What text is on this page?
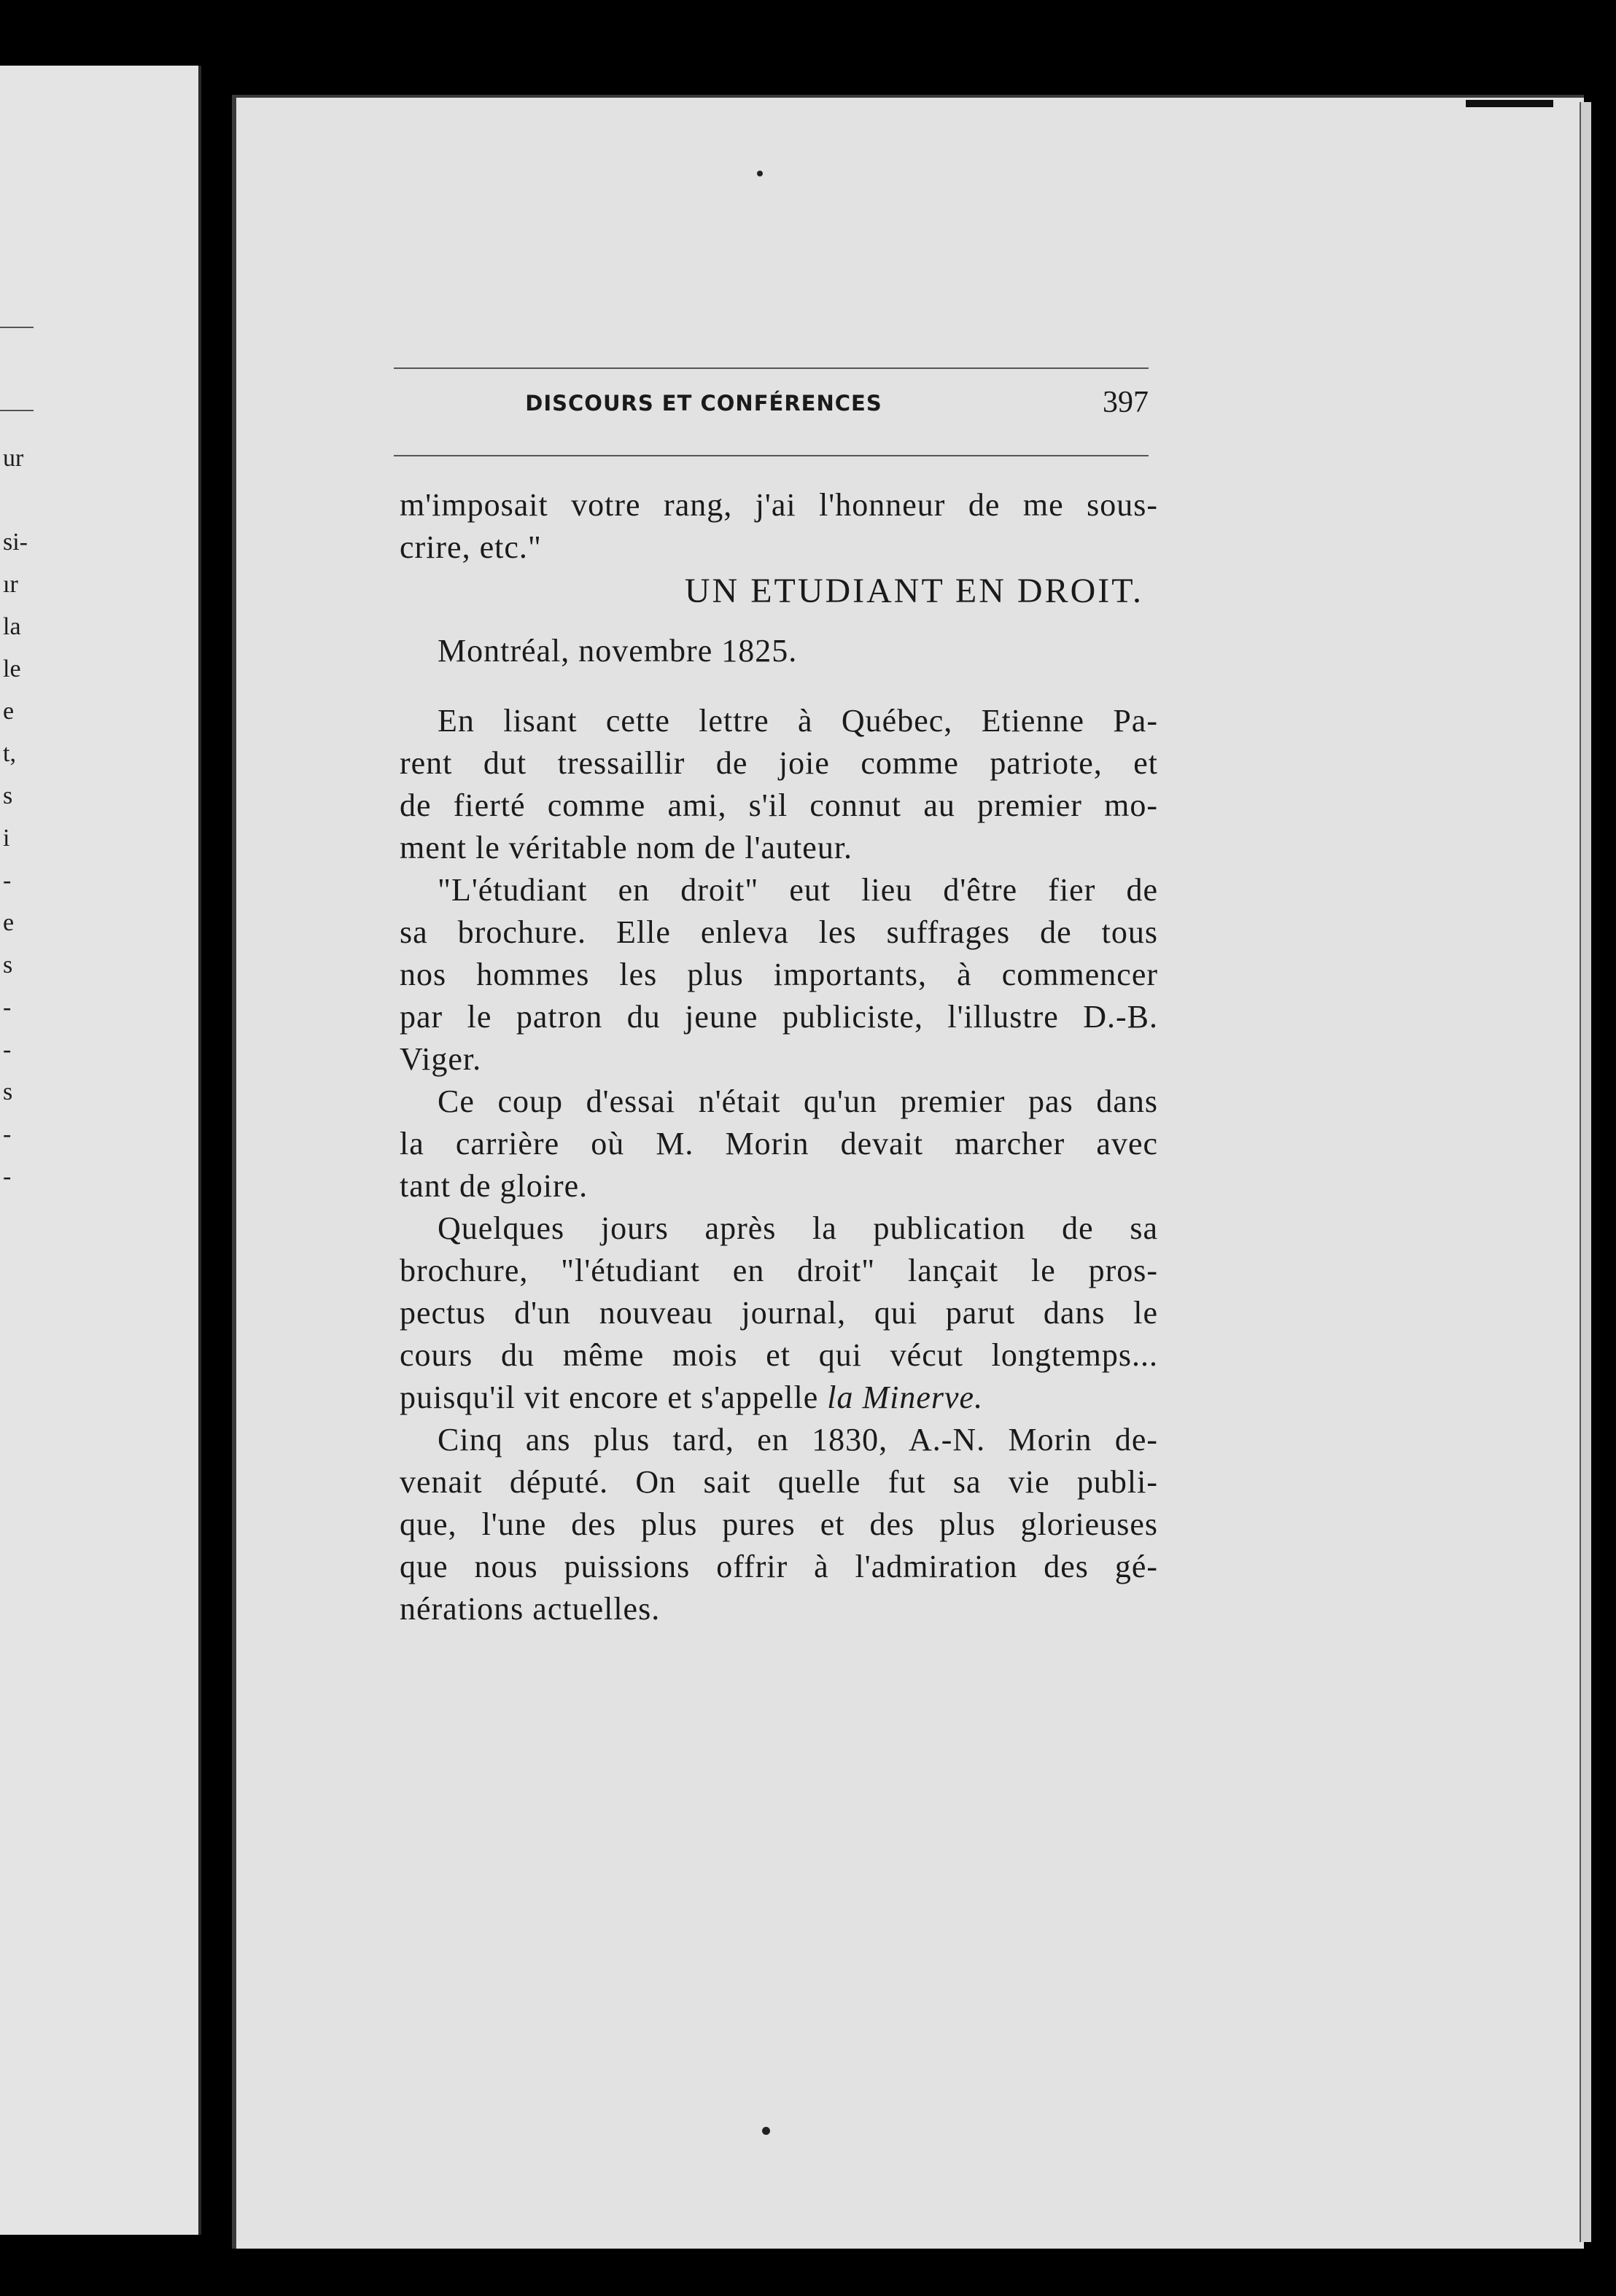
ur
si-
ır
la
le
e
t,
s
i
-
e
s
-
-
s
-
-
DISCOURS ET CONFÉRENCES	397
m'imposait votre rang, j'ai l'honneur de me sous-
crire, etc."
UN ETUDIANT EN DROIT.
Montréal, novembre 1825.
En lisant cette lettre à Québec, Etienne Pa-
rent dut tressaillir de joie comme patriote, et
de fierté comme ami, s'il connut au premier mo-
ment le véritable nom de l'auteur.
"L'étudiant en droit" eut lieu d'être fier de
sa brochure. Elle enleva les suffrages de tous
nos hommes les plus importants, à commencer
par le patron du jeune publiciste, l'illustre D.-B.
Viger.
Ce coup d'essai n'était qu'un premier pas dans
la carrière où M. Morin devait marcher avec
tant de gloire.
Quelques jours après la publication de sa
brochure, "l'étudiant en droit" lançait le pros-
pectus d'un nouveau journal, qui parut dans le
cours du même mois et qui vécut longtemps...
puisqu'il vit encore et s'appelle la Minerve.
Cinq ans plus tard, en 1830, A.-N. Morin de-
venait député. On sait quelle fut sa vie publi-
que, l'une des plus pures et des plus glorieuses
que nous puissions offrir à l'admiration des gé-
nérations actuelles.
